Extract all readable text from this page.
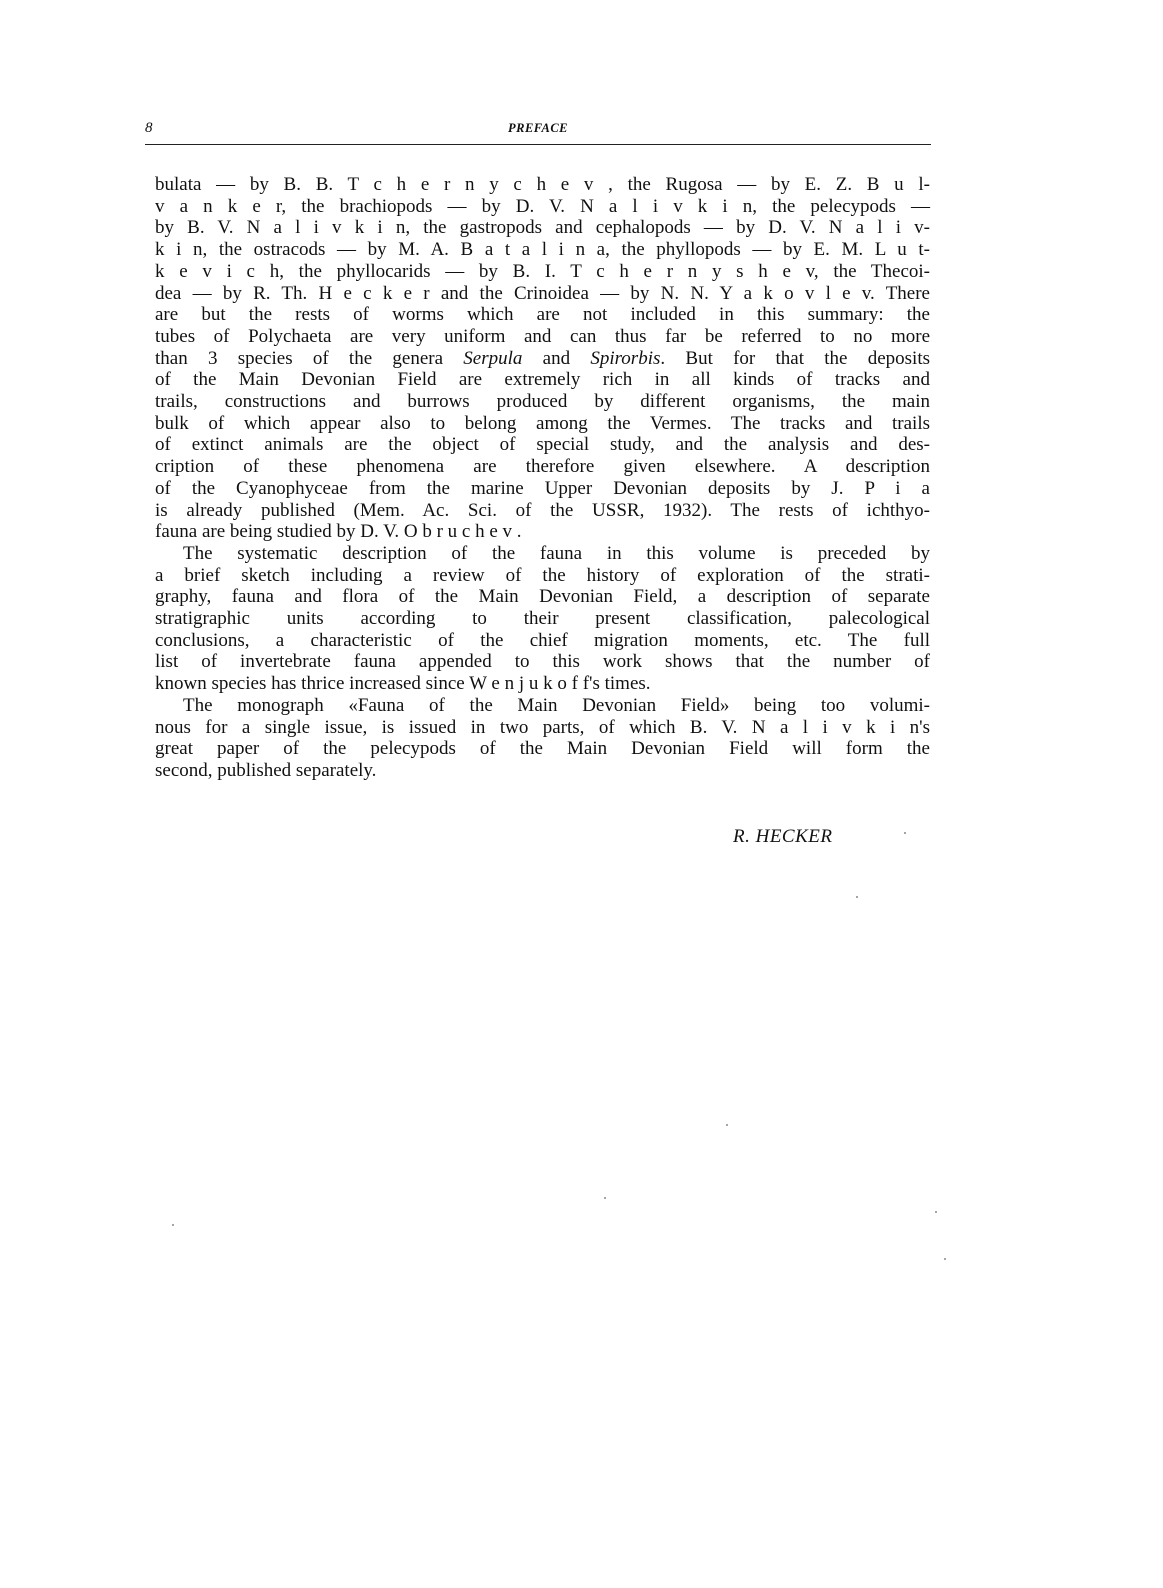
8	PREFACE
bulata — by B. B. T c h e r n y c h e v , the Rugosa — by E. Z. B u l-
v a n k e r, the brachiopods — by D. V. N a l i v k i n, the pelecypods —
by B. V. N a l i v k i n, the gastropods and cephalopods — by D. V. N a l i v-
k i n, the ostracods — by M. A. B a t a l i n a, the phyllopods — by E. M. L u t-
k e v i c h, the phyllocarids — by B. I. T c h e r n y s h e v, the Thecoi-
dea — by R. Th. H e c k e r and the Crinoidea — by N. N. Y a k o v l e v. There
are but the rests of worms which are not included in this summary: the
tubes of Polychaeta are very uniform and can thus far be referred to no more
than 3 species of the genera Serpula and Spirorbis. But for that the deposits
of the Main Devonian Field are extremely rich in all kinds of tracks and
trails, constructions and burrows produced by different organisms, the main
bulk of which appear also to belong among the Vermes. The tracks and trails
of extinct animals are the object of special study, and the analysis and des-
cription of these phenomena are therefore given elsewhere. A description
of the Cyanophyceae from the marine Upper Devonian deposits by J. P i a
is already published (Mem. Ac. Sci. of the USSR, 1932). The rests of ichthyo-
fauna are being studied by D. V. O b r u c h e v .
The systematic description of the fauna in this volume is preceded by
a brief sketch including a review of the history of exploration of the strati-
graphy, fauna and flora of the Main Devonian Field, a description of separate
stratigraphic units according to their present classification, palecological
conclusions, a characteristic of the chief migration moments, etc. The full
list of invertebrate fauna appended to this work shows that the number of
known species has thrice increased since W e n j u k o f f's times.
The monograph «Fauna of the Main Devonian Field» being too volumi-
nous for a single issue, is issued in two parts, of which B. V. N a l i v k i n's
great paper of the pelecypods of the Main Devonian Field will form the
second, published separately.
R. HECKER
